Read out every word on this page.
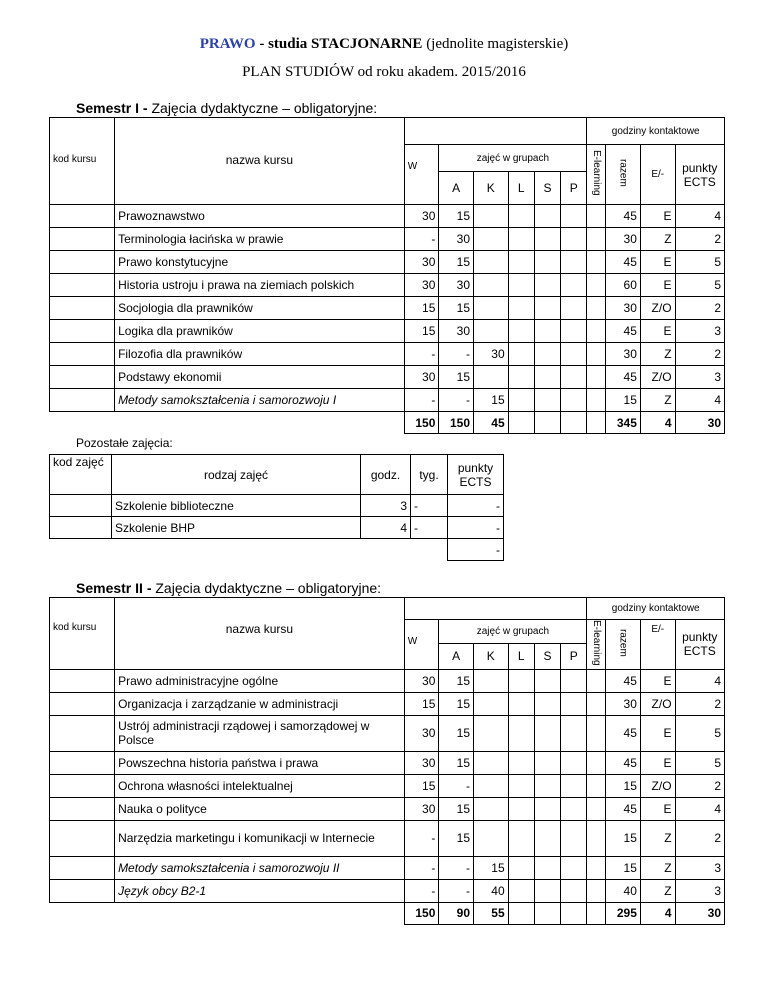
PRAWO - studia STACJONARNE (jednolite magisterskie)
PLAN STUDIÓW od roku akadem. 2015/2016
Semestr I - Zajęcia dydaktyczne – obligatoryjne:
kod kursu	nazwa kursu							godziny kontaktowe			
		W	zajęć w grupach					E-learning	razem	E/-	punkty
ECTS
			A	K	L	S	P				
	Prawoznawstwo	30	15						45	E	4
	Terminologia łacińska w prawie	-	30						30	Z	2
	Prawo konstytucyjne	30	15						45	E	5
	Historia ustroju i prawa na ziemiach polskich	30	30						60	E	5
	Socjologia dla prawników	15	15						30	Z/O	2
	Logika dla prawników	15	30						45	E	3
	Filozofia dla prawników	-	-	30					30	Z	2
	Podstawy ekonomii	30	15						45	Z/O	3
	Metody samokształcenia i samorozwoju I	-	-	15					15	Z	4
		150	150	45					345	4	30
Pozostałe zajęcia:
kod zajęć	rodzaj zajęć	godz.	tyg.	punkty
ECTS
	Szkolenie biblioteczne	3	-	-
	Szkolenie BHP	4	-	-
				-
Semestr II - Zajęcia dydaktyczne – obligatoryjne:
kod kursu	nazwa kursu							godziny kontaktowe			
		W	zajęć w grupach					E-learning	razem	E/-	punkty
ECTS
			A	K	L	S	P				
	Prawo administracyjne ogólne	30	15						45	E	4
	Organizacja i zarządzanie w administracji	15	15						30	Z/O	2
	Ustrój administracji rządowej i samorządowej w Polsce	30	15						45	E	5
	Powszechna historia państwa i prawa	30	15						45	E	5
	Ochrona własności intelektualnej	15	-						15	Z/O	2
	Nauka o polityce	30	15						45	E	4
	Narzędzia marketingu i komunikacji w Internecie	-	15						15	Z	2
	Metody samokształcenia i samorozwoju II	-	-	15					15	Z	3
	Język obcy B2-1	-	-	40					40	Z	3
		150	90	55					295	4	30
